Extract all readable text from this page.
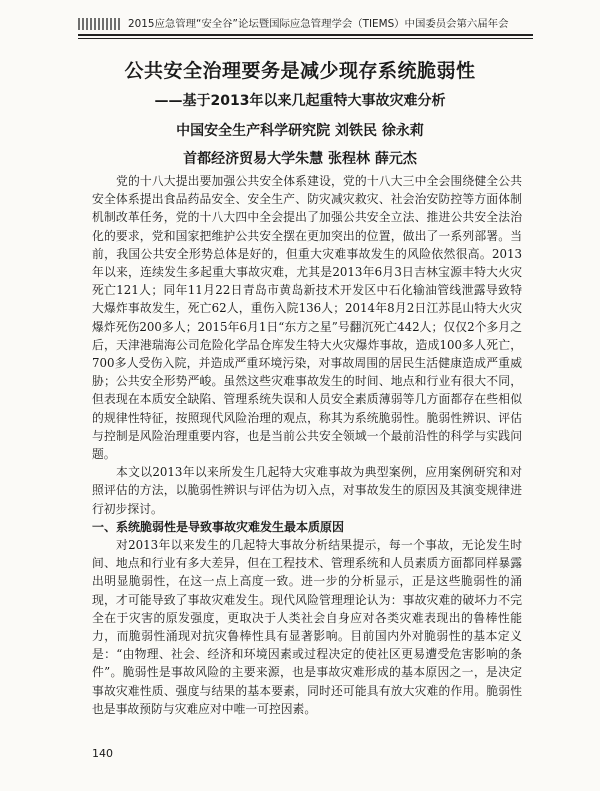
2015应急管理“安全谷”论坛暨国际应急管理学会（TIEMS）中国委员会第六届年会
公共安全治理要务是减少现存系统脆弱性
——基于2013年以来几起重特大事故灾难分析
中国安全生产科学研究院 刘铁民 徐永莉
首都经济贸易大学朱慧 张程林 薛元杰

党的十八大提出要加强公共安全体系建设，党的十八大三中全会围绕健全公共安全体系提出食品药品安全、安全生产、防灾减灾救灾、社会治安防控等方面体制机制改革任务，党的十八大四中全会提出了加强公共安全立法、推进公共安全法治化的要求，党和国家把维护公共安全摆在更加突出的位置，做出了一系列部署。当前，我国公共安全形势总体是好的，但重大灾难事故发生的风险依然很高。2013年以来，连续发生多起重大事故灾难，尤其是2013年6月3日吉林宝源丰特大火灾死亡121人；同年11月22日青岛市黄岛新技术开发区中石化输油管线泄露导致特大爆炸事故发生，死亡62人，重伤入院136人；2014年8月2日江苏昆山特大火灾爆炸死伤200多人；2015年6月1日“东方之星”号翻沉死亡442人；仅仅2个多月之后，天津港瑞海公司危险化学品仓库发生特大火灾爆炸事故，造成100多人死亡，700多人受伤入院，并造成严重环境污染，对事故周围的居民生活健康造成严重威胁；公共安全形势严峻。虽然这些灾难事故发生的时间、地点和行业有很大不同，但表现在本质安全缺陷、管理系统失误和人员安全素质薄弱等几方面都存在些相似的规律性特征，按照现代风险治理的观点，称其为系统脆弱性。脆弱性辨识、评估与控制是风险治理重要内容，也是当前公共安全领域一个最前沿性的科学与实践问题。

本文以2013年以来所发生几起特大灾难事故为典型案例，应用案例研究和对照评估的方法，以脆弱性辨识与评估为切入点，对事故发生的原因及其演变规律进行初步探讨。

一、系统脆弱性是导致事故灾难发生最本质原因

对2013年以来发生的几起特大事故分析结果提示，每一个事故，无论发生时间、地点和行业有多大差异，但在工程技术、管理系统和人员素质方面都同样暴露出明显脆弱性，在这一点上高度一致。进一步的分析显示，正是这些脆弱性的涌现，才可能导致了事故灾难发生。现代风险管理理论认为：事故灾难的破坏力不完全在于灾害的原发强度，更取决于人类社会自身应对各类灾难表现出的鲁棒性能力，而脆弱性涌现对抗灾鲁棒性具有显著影响。目前国内外对脆弱性的基本定义是：“由物理、社会、经济和环境因素或过程决定的使社区更易遭受危害影响的条件”。脆弱性是事故风险的主要来源，也是事故灾难形成的基本原因之一，是决定事故灾难性质、强度与结果的基本要素，同时还可能具有放大灾难的作用。脆弱性也是事故预防与灾难应对中唯一可控因素。

140
